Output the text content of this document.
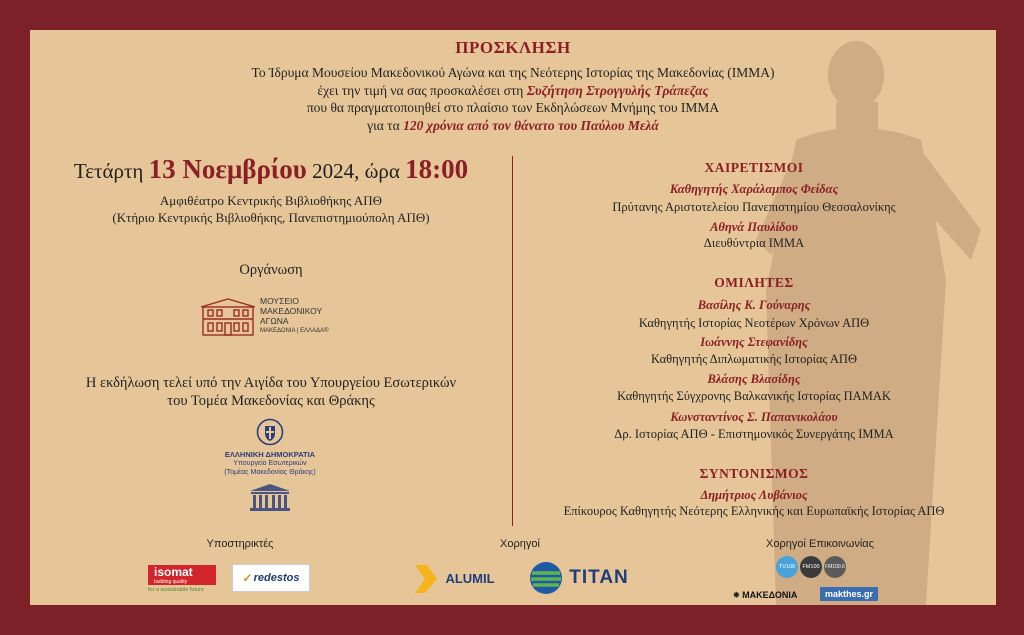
ΠΡΟΣΚΛΗΣΗ
Το Ίδρυμα Μουσείου Μακεδονικού Αγώνα και της Νεότερης Ιστορίας της Μακεδονίας (ΙΜΜΑ)
έχει την τιμή να σας προσκαλέσει στη Συζήτηση Στρογγυλής Τράπεζας
που θα πραγματοποιηθεί στο πλαίσιο των Εκδηλώσεων Μνήμης του ΙΜΜΑ
για τα 120 χρόνια από τον θάνατο του Παύλου Μελά
Τετάρτη 13 Νοεμβρίου 2024, ώρα 18:00
Αμφιθέατρο Κεντρικής Βιβλιοθήκης ΑΠΘ
(Κτήριο Κεντρικής Βιβλιοθήκης, Πανεπιστημιούπολη ΑΠΘ)
Οργάνωση
ΜΟΥΣΕΙΟ
ΜΑΚΕΔΟΝΙΚΟΥ
ΑΓΩΝΑ
ΜΑΚΕΔΟΝΙΑ | ΕΛΛΑΔΑ®
Η εκδήλωση τελεί υπό την Αιγίδα του Υπουργείου Εσωτερικών
του Τομέα Μακεδονίας και Θράκης
ΕΛΛΗΝΙΚΗ ΔΗΜΟΚΡΑΤΙΑ
Υπουργείο Εσωτερικών
(Τομέας Μακεδονίας Θράκης)
ΧΑΙΡΕΤΙΣΜΟΙ
Καθηγητής Χαράλαμπος Φείδας
Πρύτανης Αριστοτελείου Πανεπιστημίου Θεσσαλονίκης
Αθηνά Παυλίδου
Διευθύντρια ΙΜΜΑ
ΟΜΙΛΗΤΕΣ
Βασίλης Κ. Γούναρης
Καθηγητής Ιστορίας Νεοτέρων Χρόνων ΑΠΘ
Ιωάννης Στεφανίδης
Καθηγητής Διπλωματικής Ιστορίας ΑΠΘ
Βλάσης Βλασίδης
Καθηγητής Σύγχρονης Βαλκανικής Ιστορίας ΠΑΜΑΚ
Κωνσταντίνος Σ. Παπανικολάου
Δρ. Ιστορίας ΑΠΘ - Επιστημονικός Συνεργάτης ΙΜΜΑ
ΣΥΝΤΟΝΙΣΜΟΣ
Δημήτριος Λυβάνιος
Επίκουρος Καθηγητής Νεότερης Ελληνικής και Ευρωπαϊκής Ιστορίας ΑΠΘ
Υποστηρικτές	Χορηγοί	Χορηγοί Επικοινωνίας
isomat
building quality
for a sustainable future
✓ redestos	ALUMIL	TITAN	TV100	FM100	FM100.6
✸ ΜΑΚΕΔΟΝΙΑ	makthes.gr
